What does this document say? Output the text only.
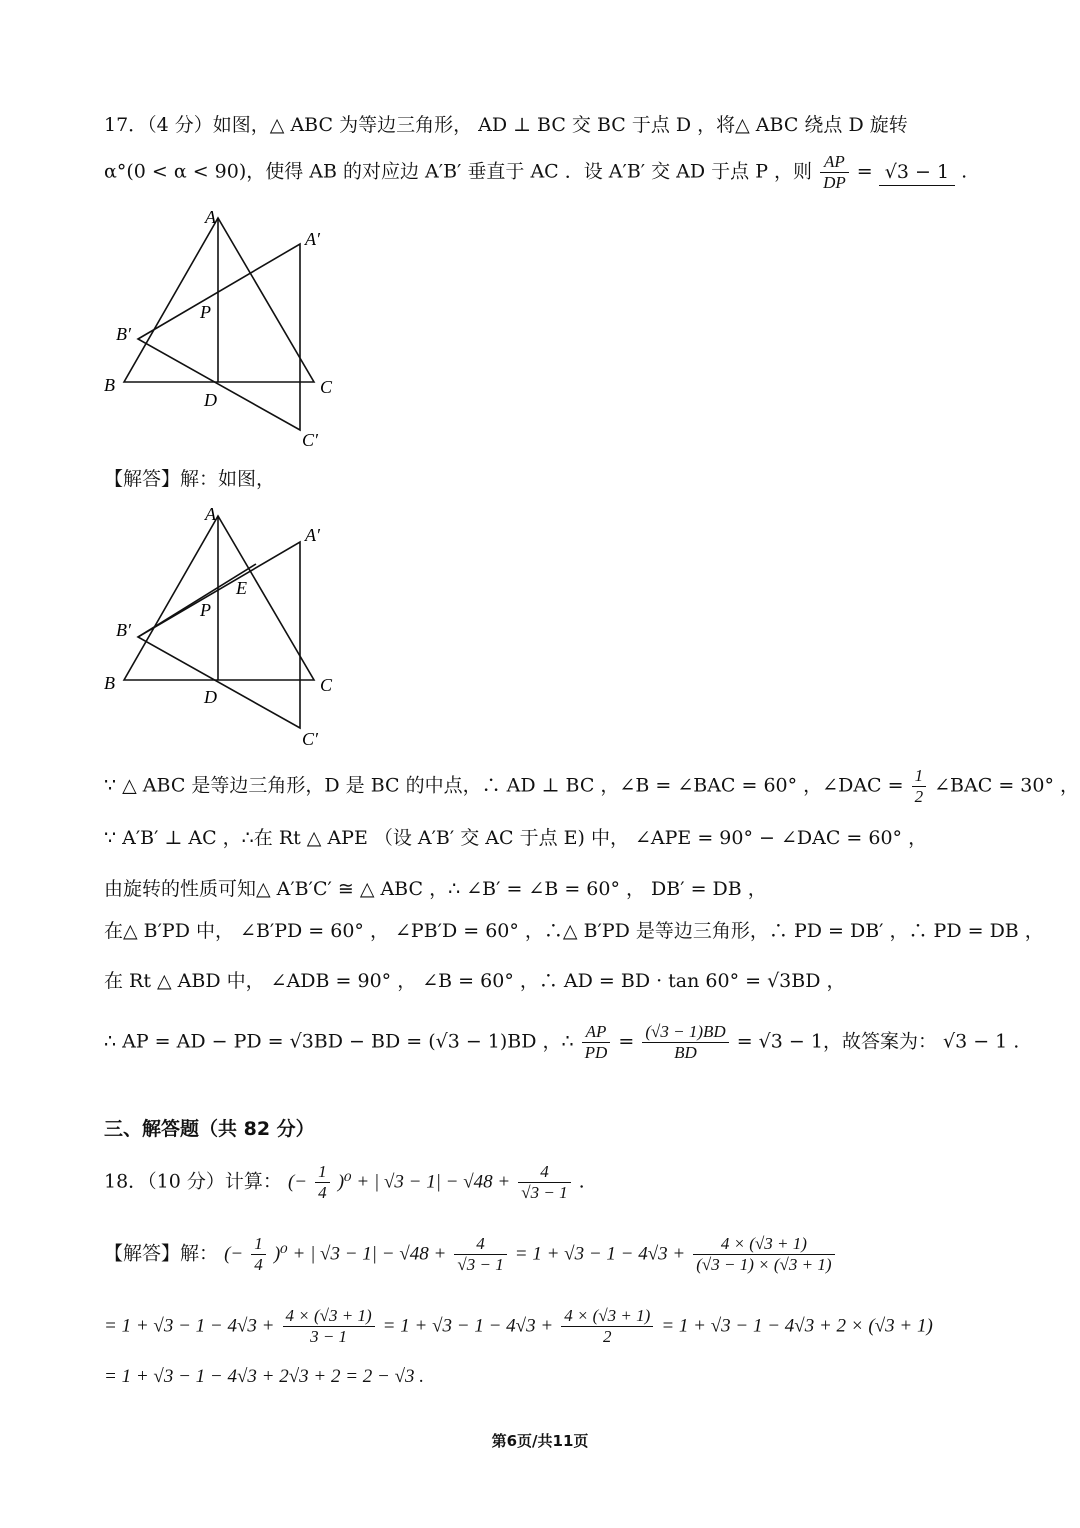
17．（4 分）如图，△ ABC 为等边三角形， AD ⊥ BC 交 BC 于点 D ，将△ ABC 绕点 D 旋转
α°(0 < α < 90)，使得 AB 的对应边 A′B′ 垂直于 AC ．设 A′B′ 交 AD 于点 P ，则 $\frac{AP}{DP} = √3 - 1$ .
A
A′
P
B′
B	C
D
C′
【解答】解：如图，
A
A′
E
P
B′
B	C
D
C′
∵ △ ABC 是等边三角形，D 是 BC 的中点，∴ AD ⊥ BC ，∠B = ∠BAC = 60° ，∠DAC = $\frac{1}{2}$ ∠BAC = 30° ，
∵ A′B′ ⊥ AC ，∴在 Rt △ APE （设 A′B′ 交 AC 于点 E) 中， ∠APE = 90° − ∠DAC = 60° ，
由旋转的性质可知△ A′B′C′ ≅ △ ABC ，∴ ∠B′ = ∠B = 60° ， DB′ = DB ，
在△ B′PD 中， ∠B′PD = 60° ， ∠PB′D = 60° ，∴△ B′PD 是等边三角形，∴ PD = DB′ ，∴ PD = DB ，
在 Rt △ ABD 中， ∠ADB = 90° ， ∠B = 60° ，∴ AD = BD · tan 60° = √3BD ，
∴ AP = AD − PD = √3BD − BD = (√3 − 1)BD ，∴ $\frac{AP}{PD} = \frac{(√3 - 1)BD}{BD} = √3 - 1$，故答案为： √3 − 1 .
三、解答题（共 82 分）
18．（10 分）计算： (− $\frac{1}{4} )^0$ + | $√3 - 1| - √48 + \frac{4}{√3 - 1}$ .
【解答】解： (− $\frac{1}{4} )^0$ + | $√3 - 1| - √48 + \frac{4}{√3 - 1} = 1 + √3 - 1 - 4√3 + \frac{4 \times (√3 + 1)}{(√3 - 1) \times (√3 + 1)}$
= $1 + √3 - 1 - 4√3 + \frac{4 \times (√3 + 1)}{3 - 1} = 1 + √3 - 1 - 4√3 + \frac{4 \times (√3 + 1)}{2} = 1 + √3 - 1 - 4√3 + 2 \times (√3 + 1)$
= 1 + √3 − 1 − 4√3 + 2√3 + 2 = 2 − √3 .
第6页/共11页
